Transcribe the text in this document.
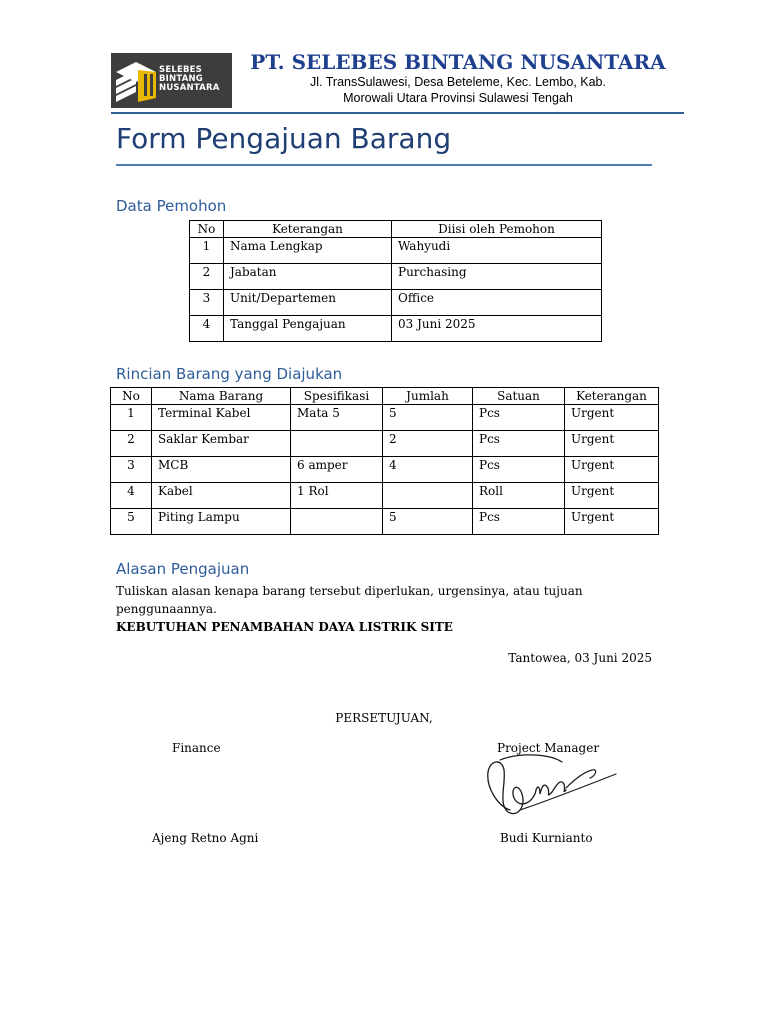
SELEBES
BINTANG
NUSANTARA
PT. SELEBES BINTANG NUSANTARA
Jl. TransSulawesi, Desa Beteleme, Kec. Lembo, Kab.
Morowali Utara Provinsi Sulawesi Tengah
Form Pengajuan Barang
Data Pemohon
No	Keterangan	Diisi oleh Pemohon
1	Nama Lengkap	Wahyudi
2	Jabatan	Purchasing
3	Unit/Departemen	Office
4	Tanggal Pengajuan	03 Juni 2025
Rincian Barang yang Diajukan
No	Nama Barang	Spesifikasi	Jumlah	Satuan	Keterangan
1	Terminal Kabel	Mata 5	5	Pcs	Urgent
2	Saklar Kembar		2	Pcs	Urgent
3	MCB	6 amper	4	Pcs	Urgent
4	Kabel	1 Rol		Roll	Urgent
5	Piting Lampu		5	Pcs	Urgent
Alasan Pengajuan
Tuliskan alasan kenapa barang tersebut diperlukan, urgensinya, atau tujuan
penggunaannya.
KEBUTUHAN PENAMBAHAN DAYA LISTRIK SITE
Tantowea, 03 Juni 2025
PERSETUJUAN,
Finance	Project Manager
Ajeng Retno Agni	Budi Kurnianto
